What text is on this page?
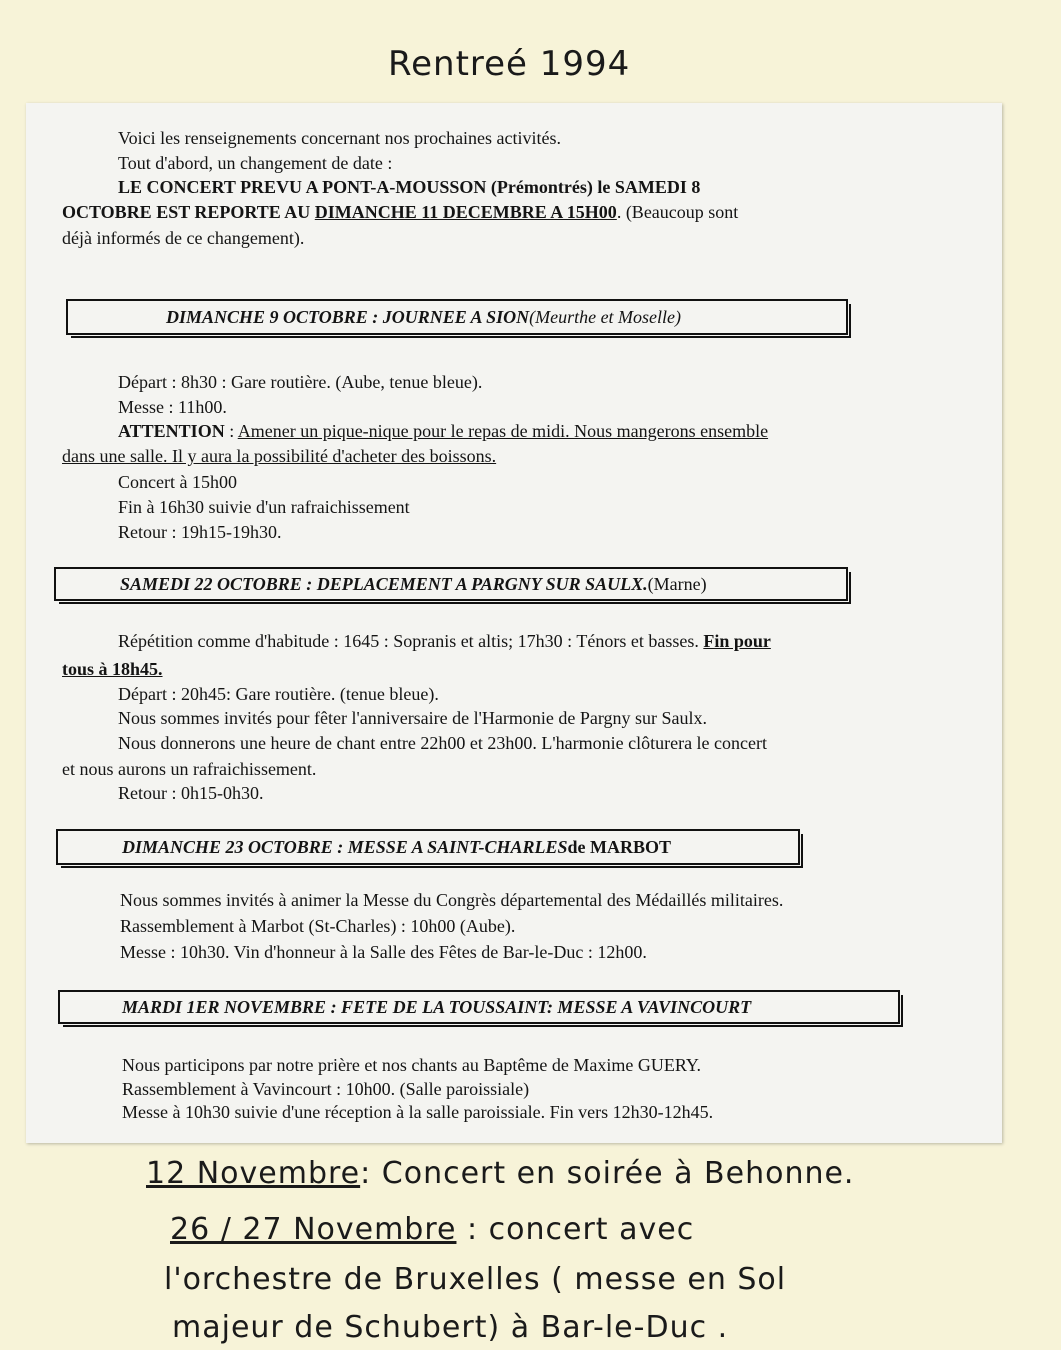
Rentreé 1994

Voici les renseignements concernant nos prochaines activités.

Tout d'abord, un changement de date :

LE CONCERT PREVU A PONT-A-MOUSSON (Prémontrés) le SAMEDI 8

OCTOBRE EST REPORTE AU DIMANCHE 11 DECEMBRE A 15H00. (Beaucoup sont

déjà informés de ce changement).

DIMANCHE 9 OCTOBRE : JOURNEE A SION (Meurthe et Moselle)

Départ : 8h30 : Gare routière. (Aube, tenue bleue).

Messe : 11h00.

ATTENTION : Amener un pique-nique pour le repas de midi. Nous mangerons ensemble

dans une salle. Il y aura la possibilité d'acheter des boissons.

Concert à 15h00

Fin à 16h30 suivie d'un rafraichissement

Retour : 19h15-19h30.

SAMEDI 22 OCTOBRE : DEPLACEMENT A PARGNY SUR SAULX. (Marne)

Répétition comme d'habitude : 1645 : Sopranis et altis; 17h30 : Ténors et basses. Fin pour

tous à 18h45.

Départ : 20h45: Gare routière. (tenue bleue).

Nous sommes invités pour fêter l'anniversaire de l'Harmonie de Pargny sur Saulx.

Nous donnerons une heure de chant entre 22h00 et 23h00. L'harmonie clôturera le concert

et nous aurons un rafraichissement.

Retour : 0h15-0h30.

DIMANCHE 23 OCTOBRE : MESSE A SAINT-CHARLES de MARBOT

Nous sommes invités à animer la Messe du Congrès départemental des Médaillés militaires.

Rassemblement à Marbot (St-Charles) : 10h00 (Aube).

Messe : 10h30. Vin d'honneur à la Salle des Fêtes de Bar-le-Duc : 12h00.

MARDI 1ER NOVEMBRE : FETE DE LA TOUSSAINT: MESSE A VAVINCOURT

Nous participons par notre prière et nos chants au Baptême de Maxime GUERY.

Rassemblement à Vavincourt : 10h00. (Salle paroissiale)

Messe à 10h30 suivie d'une réception à la salle paroissiale. Fin vers 12h30-12h45.

12 Novembre: Concert en soirée à Behonne.

26 / 27 Novembre : concert avec

l'orchestre de Bruxelles ( messe en Sol

majeur de Schubert) à Bar-le-Duc .
